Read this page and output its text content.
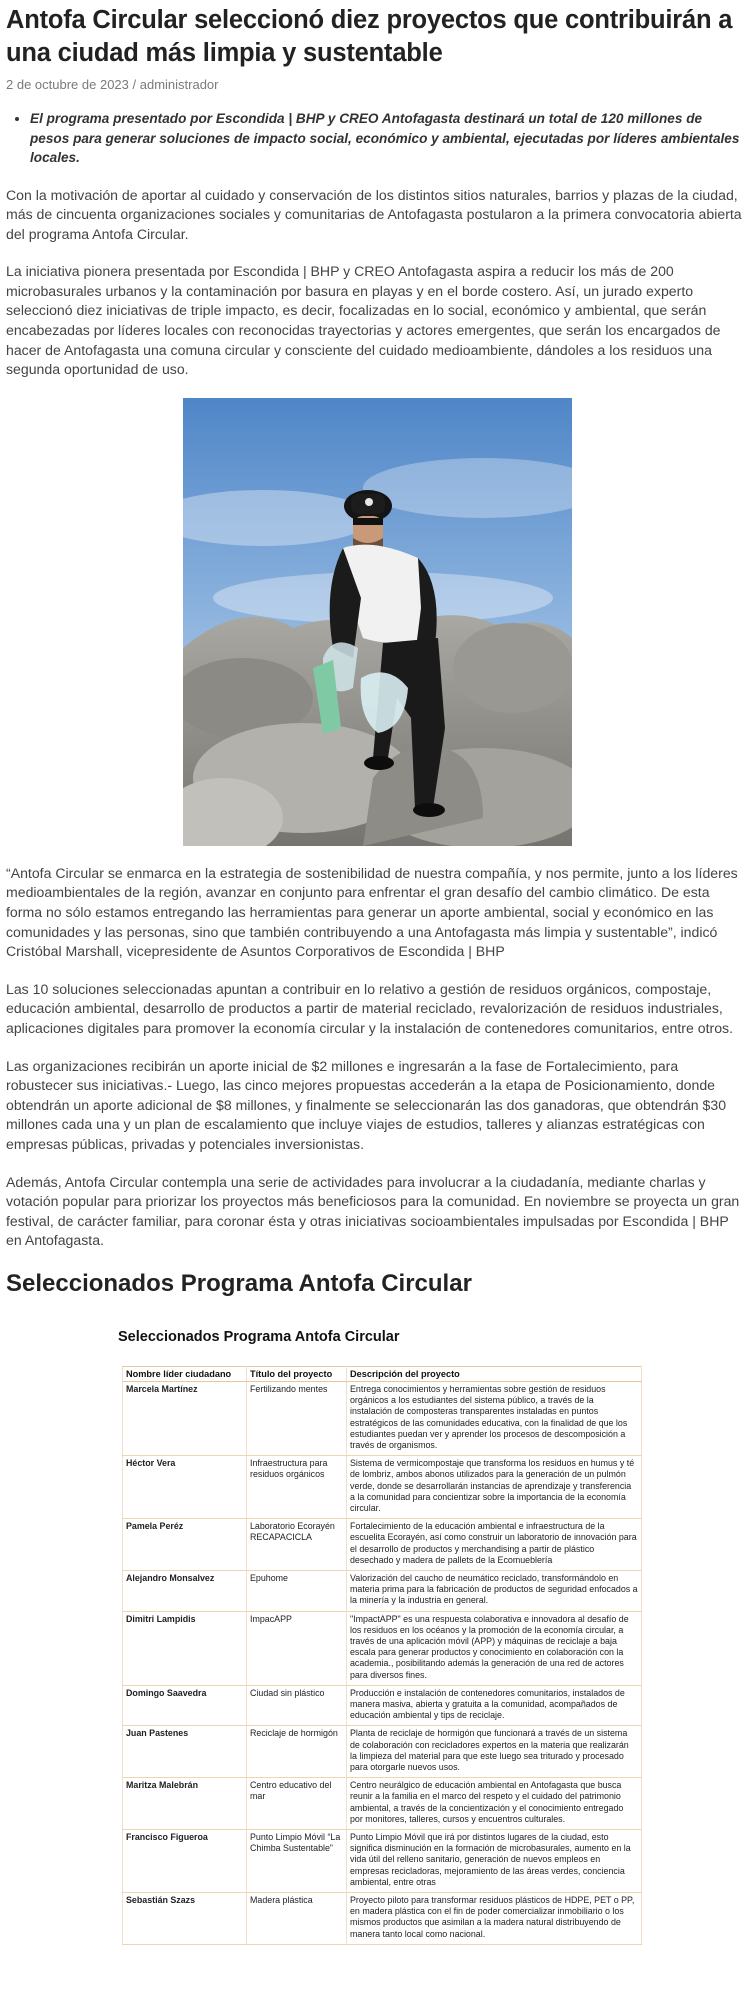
Antofa Circular seleccionó diez proyectos que contribuirán a una ciudad más limpia y sustentable
2 de octubre de 2023 / administrador
• El programa presentado por Escondida | BHP y CREO Antofagasta destinará un total de 120 millones de pesos para generar soluciones de impacto social, económico y ambiental, ejecutadas por líderes ambientales locales.

Con la motivación de aportar al cuidado y conservación de los distintos sitios naturales, barrios y plazas de la ciudad, más de cincuenta organizaciones sociales y comunitarias de Antofagasta postularon a la primera convocatoria abierta del programa Antofa Circular.

La iniciativa pionera presentada por Escondida | BHP y CREO Antofagasta aspira a reducir los más de 200 microbasurales urbanos y la contaminación por basura en playas y en el borde costero. Así, un jurado experto seleccionó diez iniciativas de triple impacto, es decir, focalizadas en lo social, económico y ambiental, que serán encabezadas por líderes locales con reconocidas trayectorias y actores emergentes, que serán los encargados de hacer de Antofagasta una comuna circular y consciente del cuidado medioambiente, dándoles a los residuos una segunda oportunidad de uso.

“Antofa Circular se enmarca en la estrategia de sostenibilidad de nuestra compañía, y nos permite, junto a los líderes medioambientales de la región, avanzar en conjunto para enfrentar el gran desafío del cambio climático. De esta forma no sólo estamos entregando las herramientas para generar un aporte ambiental, social y económico en las comunidades y las personas, sino que también contribuyendo a una Antofagasta más limpia y sustentable”, indicó Cristóbal Marshall, vicepresidente de Asuntos Corporativos de Escondida | BHP

Las 10 soluciones seleccionadas apuntan a contribuir en lo relativo a gestión de residuos orgánicos, compostaje, educación ambiental, desarrollo de productos a partir de material reciclado, revalorización de residuos industriales, aplicaciones digitales para promover la economía circular y la instalación de contenedores comunitarios, entre otros.

Las organizaciones recibirán un aporte inicial de $2 millones e ingresarán a la fase de Fortalecimiento, para robustecer sus iniciativas.- Luego, las cinco mejores propuestas accederán a la etapa de Posicionamiento, donde obtendrán un aporte adicional de $8 millones, y finalmente se seleccionarán las dos ganadoras, que obtendrán $30 millones cada una y un plan de escalamiento que incluye viajes de estudios, talleres y alianzas estratégicas con empresas públicas, privadas y potenciales inversionistas.

Además, Antofa Circular contempla una serie de actividades para involucrar a la ciudadanía, mediante charlas y votación popular para priorizar los proyectos más beneficiosos para la comunidad. En noviembre se proyecta un gran festival, de carácter familiar, para coronar ésta y otras iniciativas socioambientales impulsadas por Escondida | BHP en Antofagasta.

Seleccionados Programa Antofa Circular
Seleccionados Programa Antofa Circular
Nombre líder ciudadano	Título del proyecto	Descripción del proyecto
Marcela Martínez	Fertilizando mentes	Entrega conocimientos y herramientas sobre gestión de residuos orgánicos a los estudiantes del sistema público, a través de la instalación de composteras transparentes instaladas en puntos estratégicos de las comunidades educativa, con la finalidad de que los estudiantes puedan ver y aprender los procesos de descomposición a través de organismos.
Héctor Vera	Infraestructura para residuos orgánicos	Sistema de vermicompostaje que transforma los residuos en humus y té de lombriz, ambos abonos utilizados para la generación de un pulmón verde, donde se desarrollarán instancias de aprendizaje y transferencia a la comunidad para concientizar sobre la importancia de la economía circular.
Pamela Peréz	Laboratorio Ecorayén RECAPACICLA	Fortalecimiento de la educación ambiental e infraestructura de la escuelita Ecorayén, así como construir un laboratorio de innovación para el desarrollo de productos y merchandising a partir de plástico desechado y madera de pallets de la Ecomueblería
Alejandro Monsalvez	Epuhome	Valorización del caucho de neumático reciclado, transformándolo en materia prima para la fabricación de productos de seguridad enfocados a la minería y la industria en general.
Dimitri Lampidis	ImpacAPP	"ImpactAPP" es una respuesta colaborativa e innovadora al desafío de los residuos en los océanos y la promoción de la economía circular, a través de una aplicación móvil (APP) y máquinas de reciclaje a baja escala para generar productos y conocimiento en colaboración con la academia., posibilitando además la generación de una red de actores para diversos fines.
Domingo Saavedra	Ciudad sin plástico	Producción e instalación de contenedores comunitarios, instalados de manera masiva, abierta y gratuita a la comunidad, acompañados de educación ambiental y tips de reciclaje.
Juan Pastenes	Reciclaje de hormigón	Planta de reciclaje de hormigón que funcionará a través de un sistema de colaboración con recicladores expertos en la materia que realizarán la limpieza del material para que este luego sea triturado y procesado para otorgarle nuevos usos.
Maritza Malebrán	Centro educativo del mar	Centro neurálgico de educación ambiental en Antofagasta que busca reunir a la familia en el marco del respeto y el cuidado del patrimonio ambiental, a través de la concientización y el conocimiento entregado por monitores, talleres, cursos y encuentros culturales.
Francisco Figueroa	Punto Limpio Móvil “La Chimba Sustentable”	Punto Limpio Móvil que irá por distintos lugares de la ciudad, esto significa disminución en la formación de microbasurales, aumento en la vida útil del relleno sanitario, generación de nuevos empleos en empresas recicladoras, mejoramiento de las áreas verdes, conciencia ambiental, entre otras
Sebastián Szazs	Madera plástica	Proyecto piloto para transformar residuos plásticos de HDPE, PET o PP, en madera plástica con el fin de poder comercializar inmobiliario o los mismos productos que asimilan a la madera natural distribuyendo de manera tanto local como nacional.
